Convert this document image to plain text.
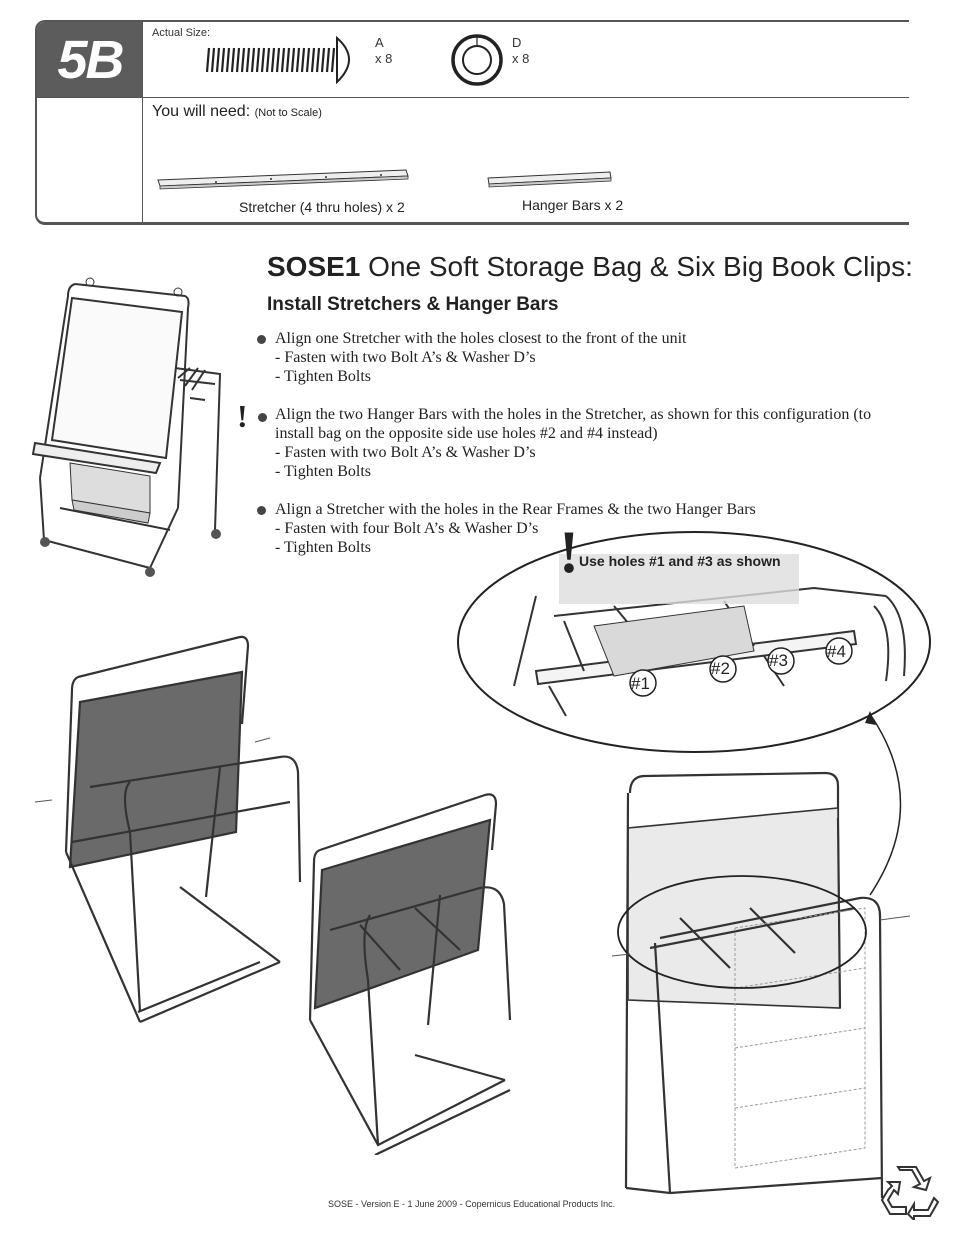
5B	Actual Size:
A
x 8
D
x 8
You will need: (Not to Scale)
Stretcher (4 thru holes) x 2	Hanger Bars x 2
SOSE1 One Soft Storage Bag & Six Big Book Clips:
Install Stretchers & Hanger Bars
Align one Stretcher with the holes closest to the front of the unit
- Fasten with two Bolt A’s & Washer D’s
- Tighten Bolts
! Align the two Hanger Bars with the holes in the Stretcher, as shown for this configuration (to
install bag on the opposite side use holes #2 and #4 instead)
- Fasten with two Bolt A’s & Washer D’s
- Tighten Bolts
Align a Stretcher with the holes in the Rear Frames & the two Hanger Bars
- Fasten with four Bolt A’s & Washer D’s
- Tighten Bolts	! Use holes #1 and #3 as shown
#1
#2 #3 #4
SOSE - Version E - 1 June 2009 - Copernicus Educational Products Inc.
